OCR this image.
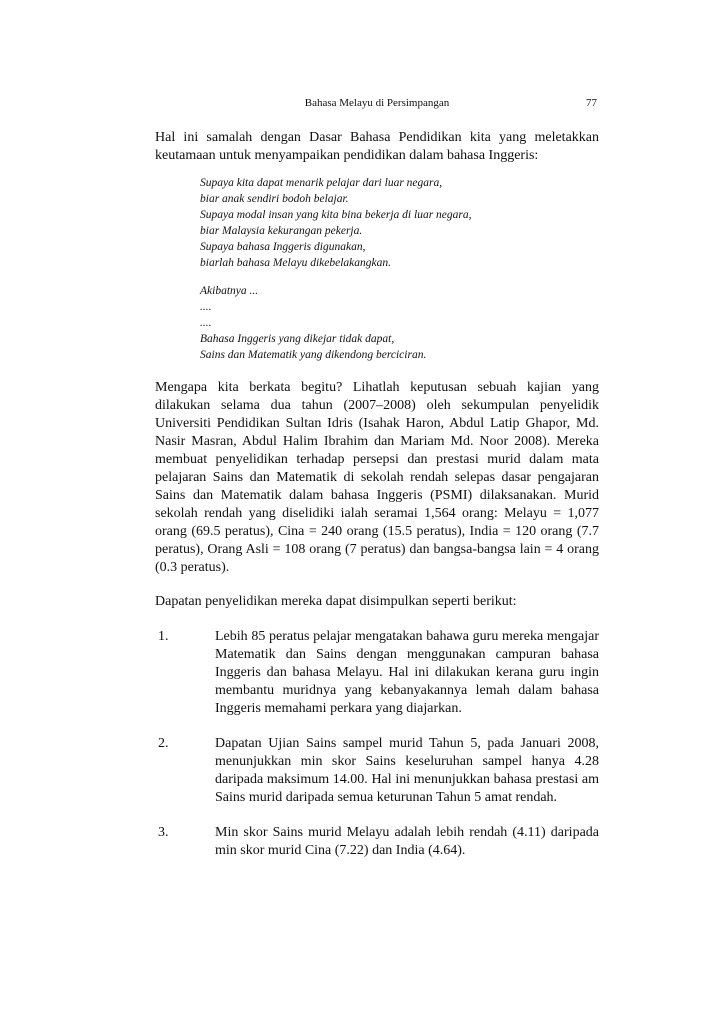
Bahasa Melayu di Persimpangan	77

Hal ini samalah dengan Dasar Bahasa Pendidikan kita yang meletakkan keutamaan untuk menyampaikan pendidikan dalam bahasa Inggeris:

Supaya kita dapat menarik pelajar dari luar negara,
biar anak sendiri bodoh belajar.
Supaya modal insan yang kita bina bekerja di luar negara,
biar Malaysia kekurangan pekerja.
Supaya bahasa Inggeris digunakan,
biarlah bahasa Melayu dikebelakangkan.
Akibatnya ...
....
....
Bahasa Inggeris yang dikejar tidak dapat,
Sains dan Matematik yang dikendong berciciran.

Mengapa kita berkata begitu? Lihatlah keputusan sebuah kajian yang dilakukan selama dua tahun (2007–2008) oleh sekumpulan penyelidik Universiti Pendidikan Sultan Idris (Isahak Haron, Abdul Latip Ghapor, Md. Nasir Masran, Abdul Halim Ibrahim dan Mariam Md. Noor 2008). Mereka membuat penyelidikan terhadap persepsi dan prestasi murid dalam mata pelajaran Sains dan Matematik di sekolah rendah selepas dasar pengajaran Sains dan Matematik dalam bahasa Inggeris (PSMI) dilaksanakan. Murid sekolah rendah yang diselidiki ialah seramai 1,564 orang: Melayu = 1,077 orang (69.5 peratus), Cina = 240 orang (15.5 peratus), India = 120 orang (7.7 peratus), Orang Asli = 108 orang (7 peratus) dan bangsa-bangsa lain = 4 orang (0.3 peratus).

Dapatan penyelidikan mereka dapat disimpulkan seperti berikut:

1.	Lebih 85 peratus pelajar mengatakan bahawa guru mereka mengajar Matematik dan Sains dengan menggunakan campuran bahasa Inggeris dan bahasa Melayu. Hal ini dilakukan kerana guru ingin membantu muridnya yang kebanyakannya lemah dalam bahasa Inggeris memahami perkara yang diajarkan.

2.	Dapatan Ujian Sains sampel murid Tahun 5, pada Januari 2008, menunjukkan min skor Sains keseluruhan sampel hanya 4.28 daripada maksimum 14.00. Hal ini menunjukkan bahasa prestasi am Sains murid daripada semua keturunan Tahun 5 amat rendah.

3.	Min skor Sains murid Melayu adalah lebih rendah (4.11) daripada min skor murid Cina (7.22) dan India (4.64).
